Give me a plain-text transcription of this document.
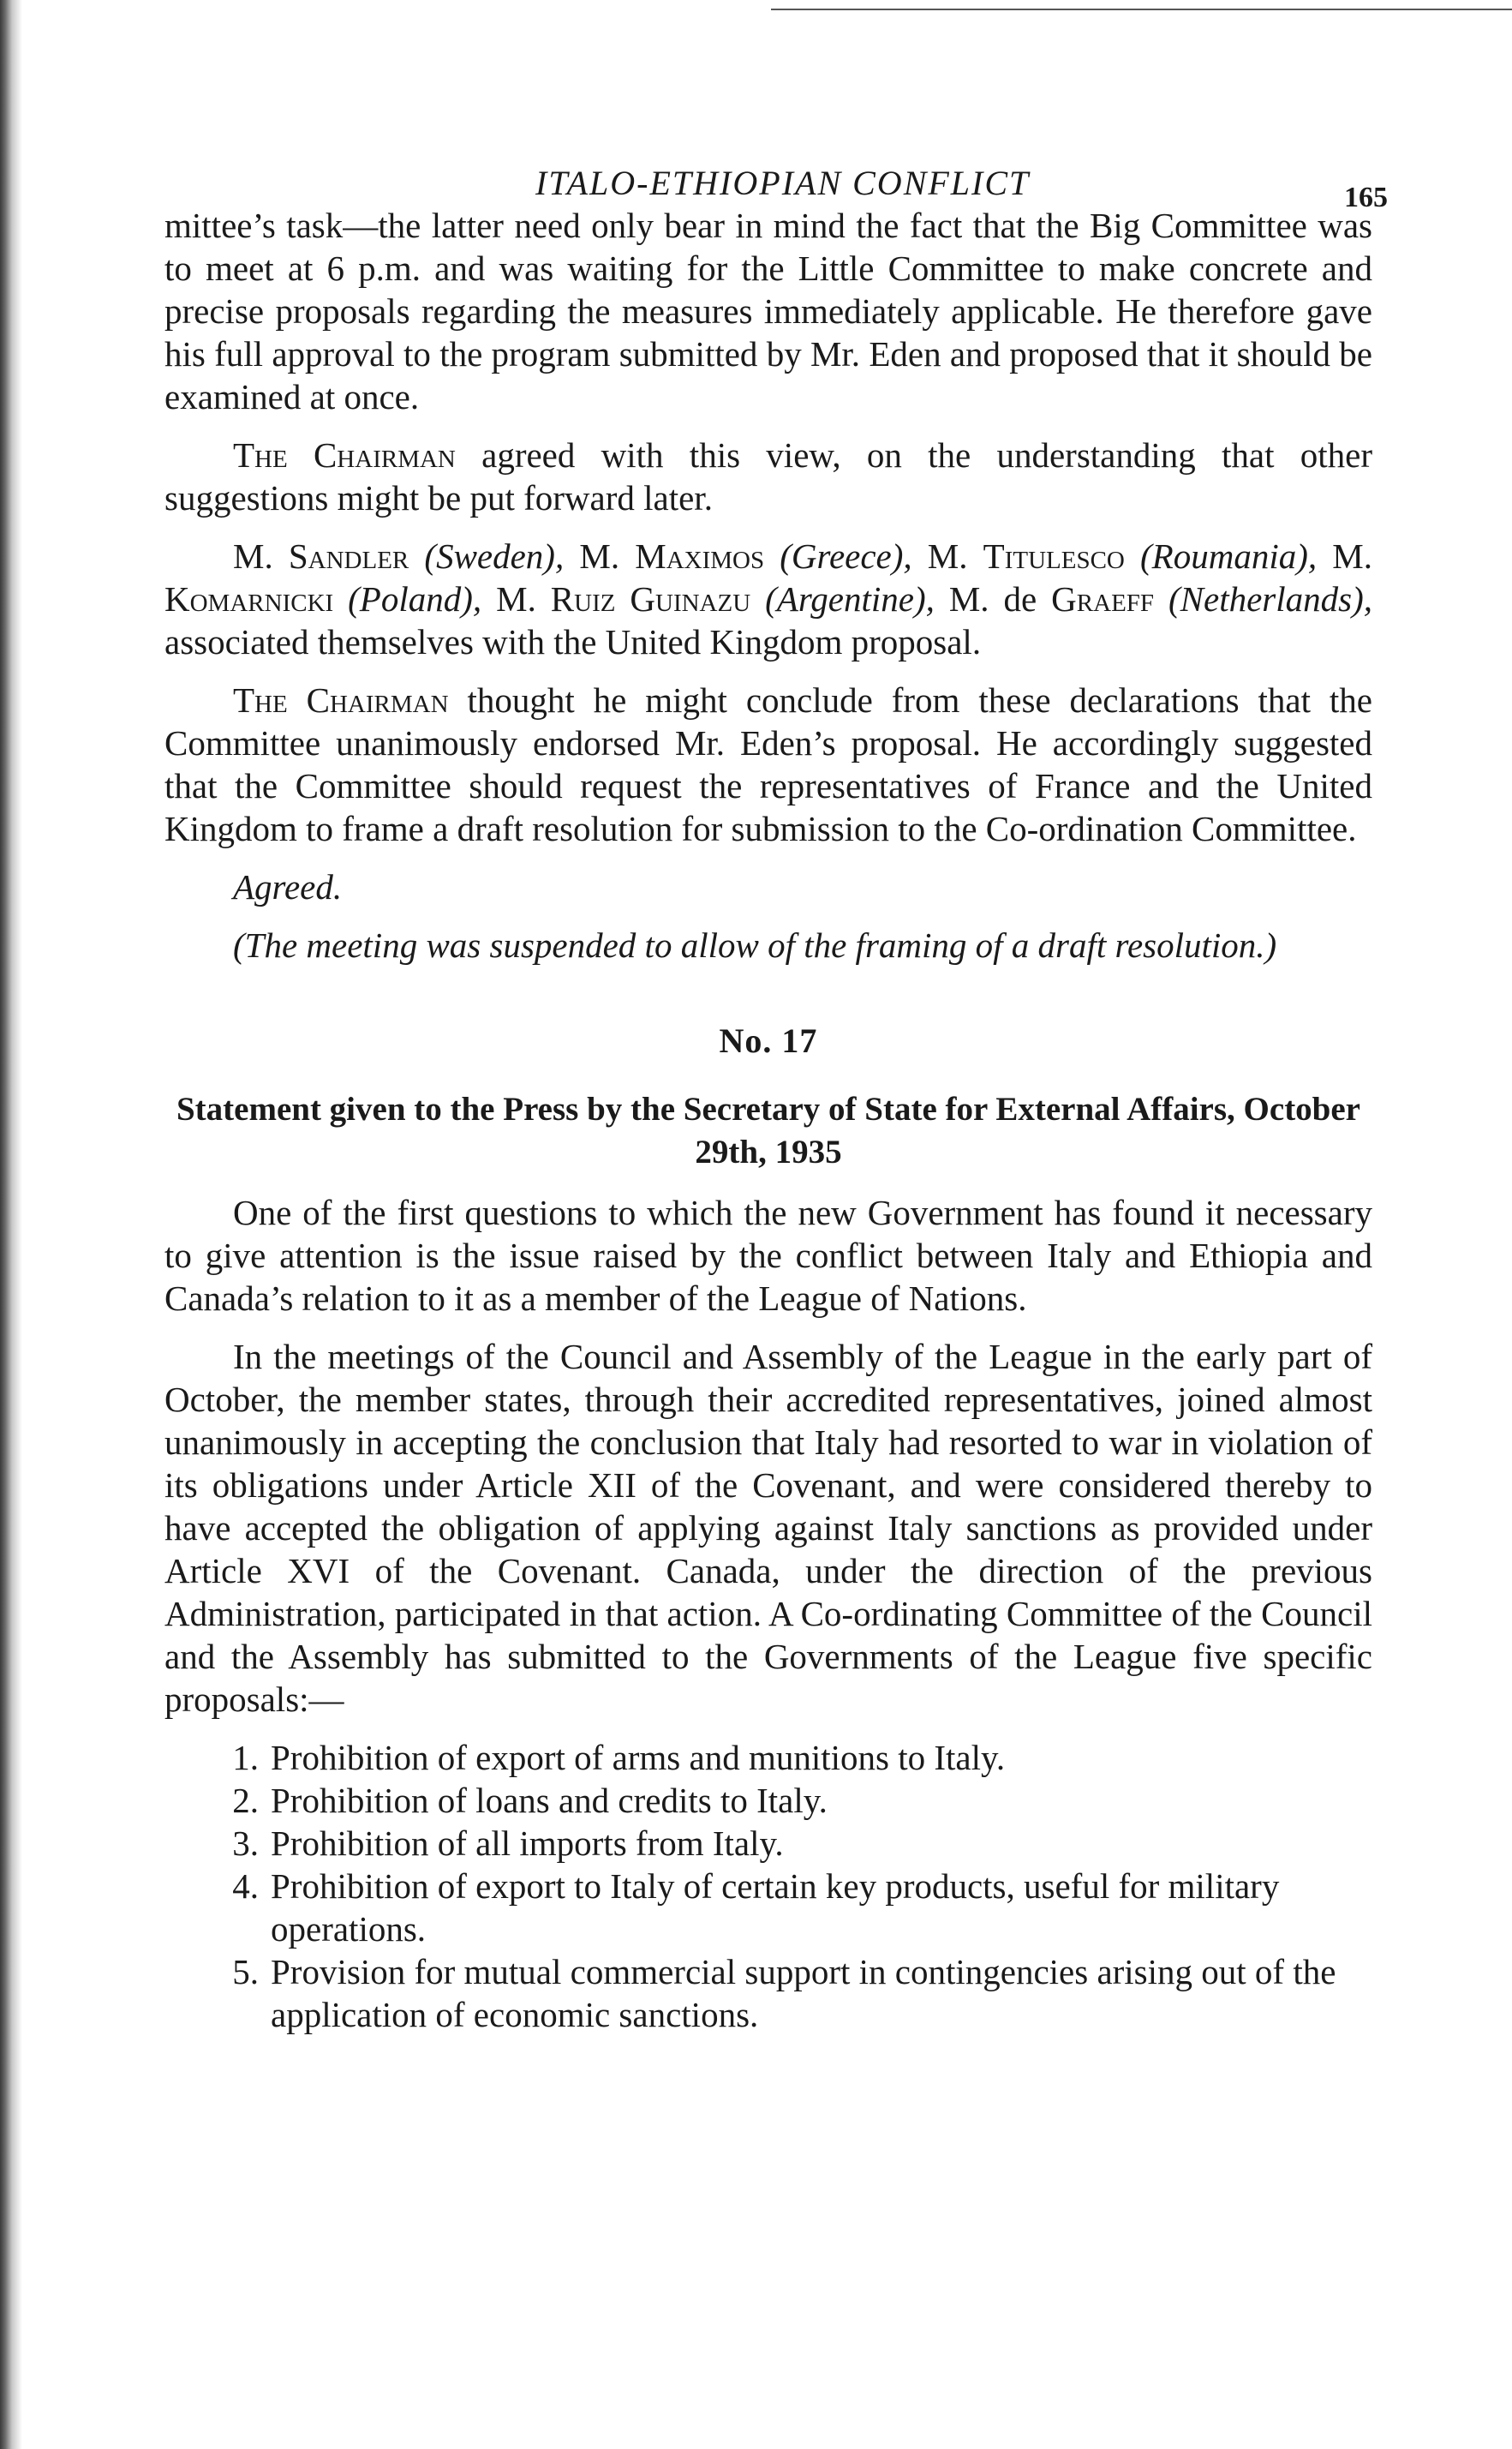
ITALO-ETHIOPIAN CONFLICT	165

mittee’s task—the latter need only bear in mind the fact that the Big Committee was to meet at 6 p.m. and was waiting for the Little Committee to make concrete and precise proposals regarding the measures immediately applicable. He therefore gave his full approval to the program submitted by Mr. Eden and proposed that it should be examined at once.

The Chairman agreed with this view, on the understanding that other suggestions might be put forward later.

M. Sandler (Sweden), M. Maximos (Greece), M. Titulesco (Roumania), M. Komarnicki (Poland), M. Ruiz Guinazu (Argentine), M. de Graeff (Netherlands), associated themselves with the United Kingdom proposal.

The Chairman thought he might conclude from these declarations that the Committee unanimously endorsed Mr. Eden’s proposal. He accordingly suggested that the Committee should request the representatives of France and the United Kingdom to frame a draft resolution for submission to the Co-ordination Committee.

Agreed.

(The meeting was suspended to allow of the framing of a draft resolution.)

No. 17
Statement given to the Press by the Secretary of State for External Affairs, October 29th, 1935

One of the first questions to which the new Government has found it necessary to give attention is the issue raised by the conflict between Italy and Ethiopia and Canada’s relation to it as a member of the League of Nations.

In the meetings of the Council and Assembly of the League in the early part of October, the member states, through their accredited representatives, joined almost unanimously in accepting the conclusion that Italy had resorted to war in violation of its obligations under Article XII of the Covenant, and were considered thereby to have accepted the obligation of applying against Italy sanctions as provided under Article XVI of the Covenant. Canada, under the direction of the previous Administration, participated in that action. A Co-ordinating Committee of the Council and the Assembly has submitted to the Governments of the League five specific proposals:—

1. Prohibition of export of arms and munitions to Italy.
2. Prohibition of loans and credits to Italy.
3. Prohibition of all imports from Italy.
4. Prohibition of export to Italy of certain key products, useful for military operations.
5. Provision for mutual commercial support in contingencies arising out of the application of economic sanctions.
